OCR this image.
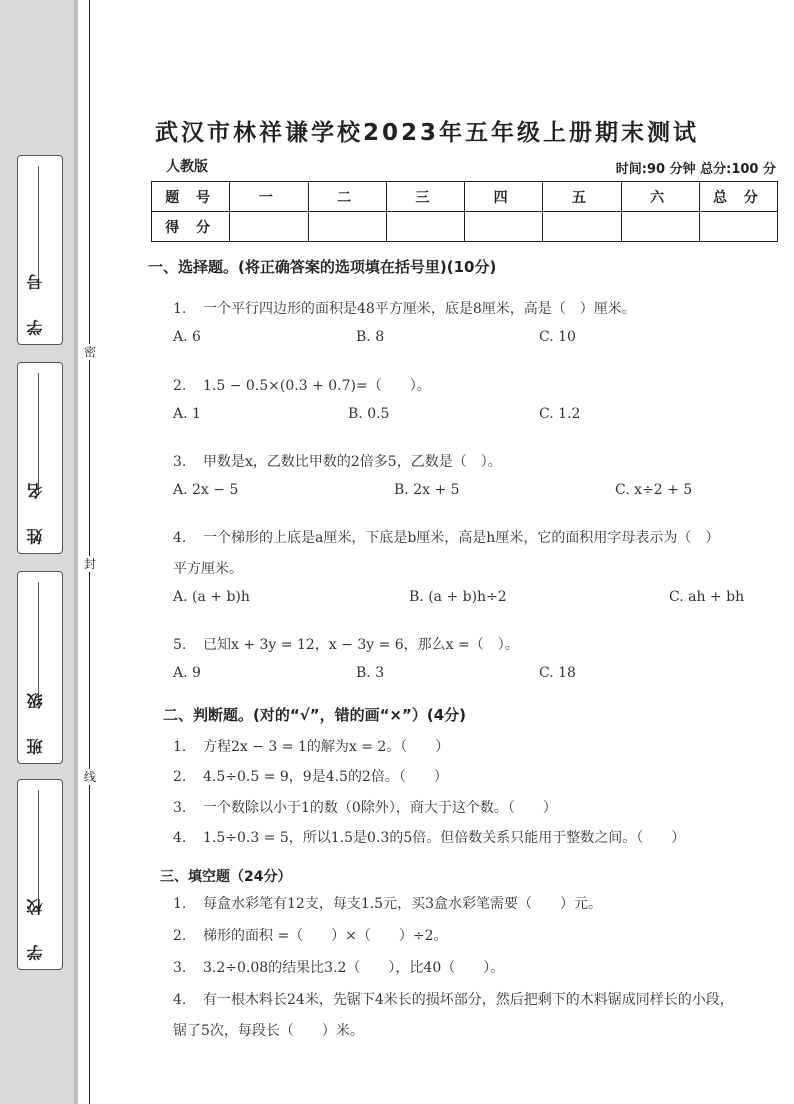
学 号
姓 名
班 级
学 校
密
封
线
武汉市林祥谦学校2023年五年级上册期末测试
人教版	时间:90 分钟 总分:100 分
题 号	一	二	三	四	五	六	总 分
得 分							
一、选择题。(将正确答案的选项填在括号里)(10分)
1. 一个平行四边形的面积是48平方厘米，底是8厘米，高是（　）厘米。
A. 6	B. 8	C. 10
2. 1.5 − 0.5×(0.3 + 0.7)=（　　）。
A. 1	B. 0.5	C. 1.2
3. 甲数是x，乙数比甲数的2倍多5，乙数是（　）。
A. 2x − 5	B. 2x + 5	C. x÷2 + 5
4. 一个梯形的上底是a厘米，下底是b厘米，高是h厘米，它的面积用字母表示为（　）
平方厘米。
A. (a + b)h	B. (a + b)h÷2	C. ah + bh
5. 已知x + 3y = 12，x − 3y = 6，那么x =（　）。
A. 9	B. 3	C. 18
二、判断题。(对的“√”，错的画“×”）(4分)
1. 方程2x − 3 = 1的解为x = 2。（　　）
2. 4.5÷0.5 = 9，9是4.5的2倍。（　　）
3. 一个数除以小于1的数（0除外），商大于这个数。（　　）
4. 1.5÷0.3 = 5，所以1.5是0.3的5倍。但倍数关系只能用于整数之间。（　　）
三、填空题（24分）
1. 每盒水彩笔有12支，每支1.5元，买3盒水彩笔需要（　　）元。
2. 梯形的面积 =（　　）×（　　）÷2。
3. 3.2÷0.08的结果比3.2（　　），比40（　　）。
4. 有一根木料长24米，先锯下4米长的损坏部分，然后把剩下的木料锯成同样长的小段，
锯了5次，每段长（　　）米。
